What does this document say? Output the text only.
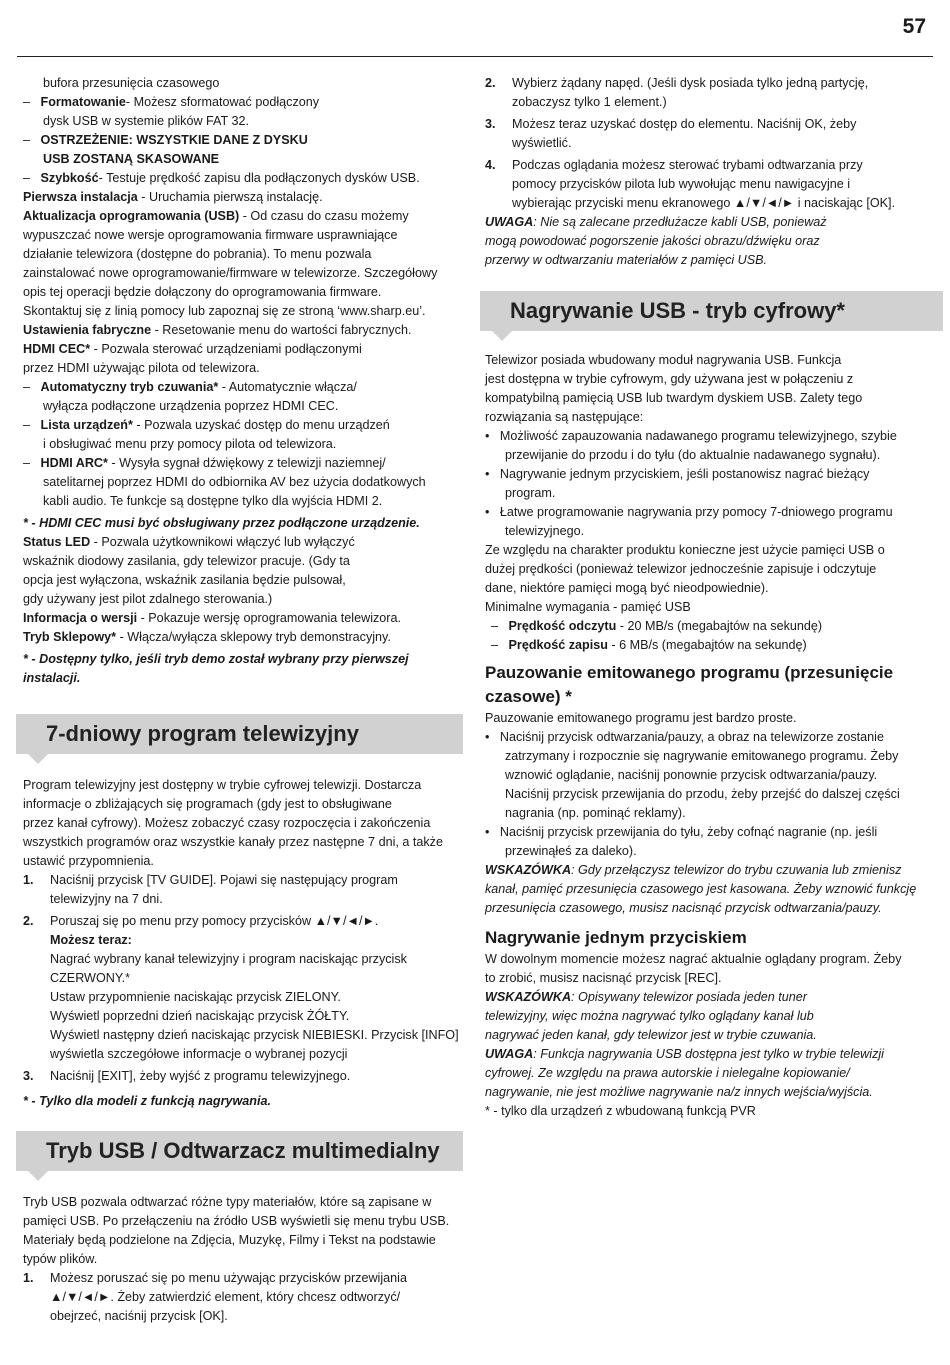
57

bufora przesunięcia czasowego

–   Formatowanie- Możesz sformatować podłączony

dysk USB w systemie plików FAT 32.

–   OSTRZEŻENIE: WSZYSTKIE DANE Z DYSKU

USB ZOSTANĄ SKASOWANE

–   Szybkość- Testuje prędkość zapisu dla podłączonych dysków USB.

Pierwsza instalacja - Uruchamia pierwszą instalację.

Aktualizacja oprogramowania (USB) - Od czasu do czasu możemy

wypuszczać nowe wersje oprogramowania firmware usprawniające

działanie telewizora (dostępne do pobrania). To menu pozwala

zainstalować nowe oprogramowanie/firmware w telewizorze. Szczegółowy

opis tej operacji będzie dołączony do oprogramowania firmware.

Skontaktuj się z linią pomocy lub zapoznaj się ze stroną ‘www.sharp.eu’.

Ustawienia fabryczne - Resetowanie menu do wartości fabrycznych.

HDMI CEC* - Pozwala sterować urządzeniami podłączonymi

przez HDMI używając pilota od telewizora.

–   Automatyczny tryb czuwania* - Automatycznie włącza/

wyłącza podłączone urządzenia poprzez HDMI CEC.

–   Lista urządzeń* - Pozwala uzyskać dostęp do menu urządzeń

i obsługiwać menu przy pomocy pilota od telewizora.

–   HDMI ARC* - Wysyła sygnał dźwiękowy z telewizji naziemnej/

satelitarnej poprzez HDMI do odbiornika AV bez użycia dodatkowych

kabli audio. Te funkcje są dostępne tylko dla wyjścia HDMI 2.

* - HDMI CEC musi być obsługiwany przez podłączone urządzenie.

Status LED - Pozwala użytkownikowi włączyć lub wyłączyć

wskaźnik diodowy zasilania, gdy telewizor pracuje. (Gdy ta

opcja jest wyłączona, wskaźnik zasilania będzie pulsował,

gdy używany jest pilot zdalnego sterowania.)

Informacja o wersji - Pokazuje wersję oprogramowania telewizora.

Tryb Sklepowy* - Włącza/wyłącza sklepowy tryb demonstracyjny.

* - Dostępny tylko, jeśli tryb demo został wybrany przy pierwszej

instalacji.

7-dniowy program telewizyjny

Program telewizyjny jest dostępny w trybie cyfrowej telewizji. Dostarcza

informacje o zbliżających się programach (gdy jest to obsługiwane

przez kanał cyfrowy). Możesz zobaczyć czasy rozpoczęcia i zakończenia

wszystkich programów oraz wszystkie kanały przez następne 7 dni, a także

ustawić przypomnienia.

1.	Naciśnij przycisk [TV GUIDE]. Pojawi się następujący program
telewizyjny na 7 dni.
2.	Poruszaj się po menu przy pomocy przycisków ▲/▼/◄/►.
Możesz teraz:
Nagrać wybrany kanał telewizyjny i program naciskając przycisk
CZERWONY.*
Ustaw przypomnienie naciskając przycisk ZIELONY.
Wyświetl poprzedni dzień naciskając przycisk ŻÓŁTY.
Wyświetl następny dzień naciskając przycisk NIEBIESKI. Przycisk [INFO]
wyświetla szczegółowe informacje o wybranej pozycji
3.	Naciśnij [EXIT], żeby wyjść z programu telewizyjnego.

* - Tylko dla modeli z funkcją nagrywania.

Tryb USB / Odtwarzacz multimedialny

Tryb USB pozwala odtwarzać różne typy materiałów, które są zapisane w

pamięci USB. Po przełączeniu na źródło USB wyświetli się menu trybu USB.

Materiały będą podzielone na Zdjęcia, Muzykę, Filmy i Tekst na podstawie

typów plików.

1.	Możesz poruszać się po menu używając przycisków przewijania
▲/▼/◄/►. Żeby zatwierdzić element, który chcesz odtworzyć/
obejrzeć, naciśnij przycisk [OK].
2.	Wybierz żądany napęd. (Jeśli dysk posiada tylko jedną partycję,
zobaczysz tylko 1 element.)
3.	Możesz teraz uzyskać dostęp do elementu. Naciśnij OK, żeby
wyświetlić.
4.	Podczas oglądania możesz sterować trybami odtwarzania przy
pomocy przycisków pilota lub wywołując menu nawigacyjne i
wybierając przyciski menu ekranowego ▲/▼/◄/► i naciskając [OK].

UWAGA: Nie są zalecane przedłużacze kabli USB, ponieważ

mogą powodować pogorszenie jakości obrazu/dźwięku oraz

przerwy w odtwarzaniu materiałów z pamięci USB.

Nagrywanie USB - tryb cyfrowy*

Telewizor posiada wbudowany moduł nagrywania USB. Funkcja

jest dostępna w trybie cyfrowym, gdy używana jest w połączeniu z

kompatybilną pamięcią USB lub twardym dyskiem USB. Zalety tego

rozwiązania są następujące:

•   Możliwość zapauzowania nadawanego programu telewizyjnego, szybie

przewijanie do przodu i do tyłu (do aktualnie nadawanego sygnału).

•   Nagrywanie jednym przyciskiem, jeśli postanowisz nagrać bieżący

program.

•   Łatwe programowanie nagrywania przy pomocy 7-dniowego programu

telewizyjnego.

Ze względu na charakter produktu konieczne jest użycie pamięci USB o

dużej prędkości (ponieważ telewizor jednocześnie zapisuje i odczytuje

dane, niektóre pamięci mogą być nieodpowiednie).

Minimalne wymagania - pamięć USB

–   Prędkość odczytu - 20 MB/s (megabajtów na sekundę)

–   Prędkość zapisu - 6 MB/s (megabajtów na sekundę)

Pauzowanie emitowanego programu (przesunięcie czasowe) *

Pauzowanie emitowanego programu jest bardzo proste.

•   Naciśnij przycisk odtwarzania/pauzy, a obraz na telewizorze zostanie

zatrzymany i rozpocznie się nagrywanie emitowanego programu. Żeby

wznowić oglądanie, naciśnij ponownie przycisk odtwarzania/pauzy.

Naciśnij przycisk przewijania do przodu, żeby przejść do dalszej części

nagrania (np. pominąć reklamy).

•   Naciśnij przycisk przewijania do tyłu, żeby cofnąć nagranie (np. jeśli

przewinąłeś za daleko).

WSKAZÓWKA: Gdy przełączysz telewizor do trybu czuwania lub zmienisz

kanał, pamięć przesunięcia czasowego jest kasowana. Żeby wznowić funkcję

przesunięcia czasowego, musisz nacisnąć przycisk odtwarzania/pauzy.

Nagrywanie jednym przyciskiem

W dowolnym momencie możesz nagrać aktualnie oglądany program. Żeby

to zrobić, musisz nacisnąć przycisk [REC].

WSKAZÓWKA: Opisywany telewizor posiada jeden tuner

telewizyjny, więc można nagrywać tylko oglądany kanał lub

nagrywać jeden kanał, gdy telewizor jest w trybie czuwania.

UWAGA: Funkcja nagrywania USB dostępna jest tylko w trybie telewizji

cyfrowej. Ze względu na prawa autorskie i nielegalne kopiowanie/

nagrywanie, nie jest możliwe nagrywanie na/z innych wejścia/wyjścia.

* - tylko dla urządzeń z wbudowaną funkcją PVR
